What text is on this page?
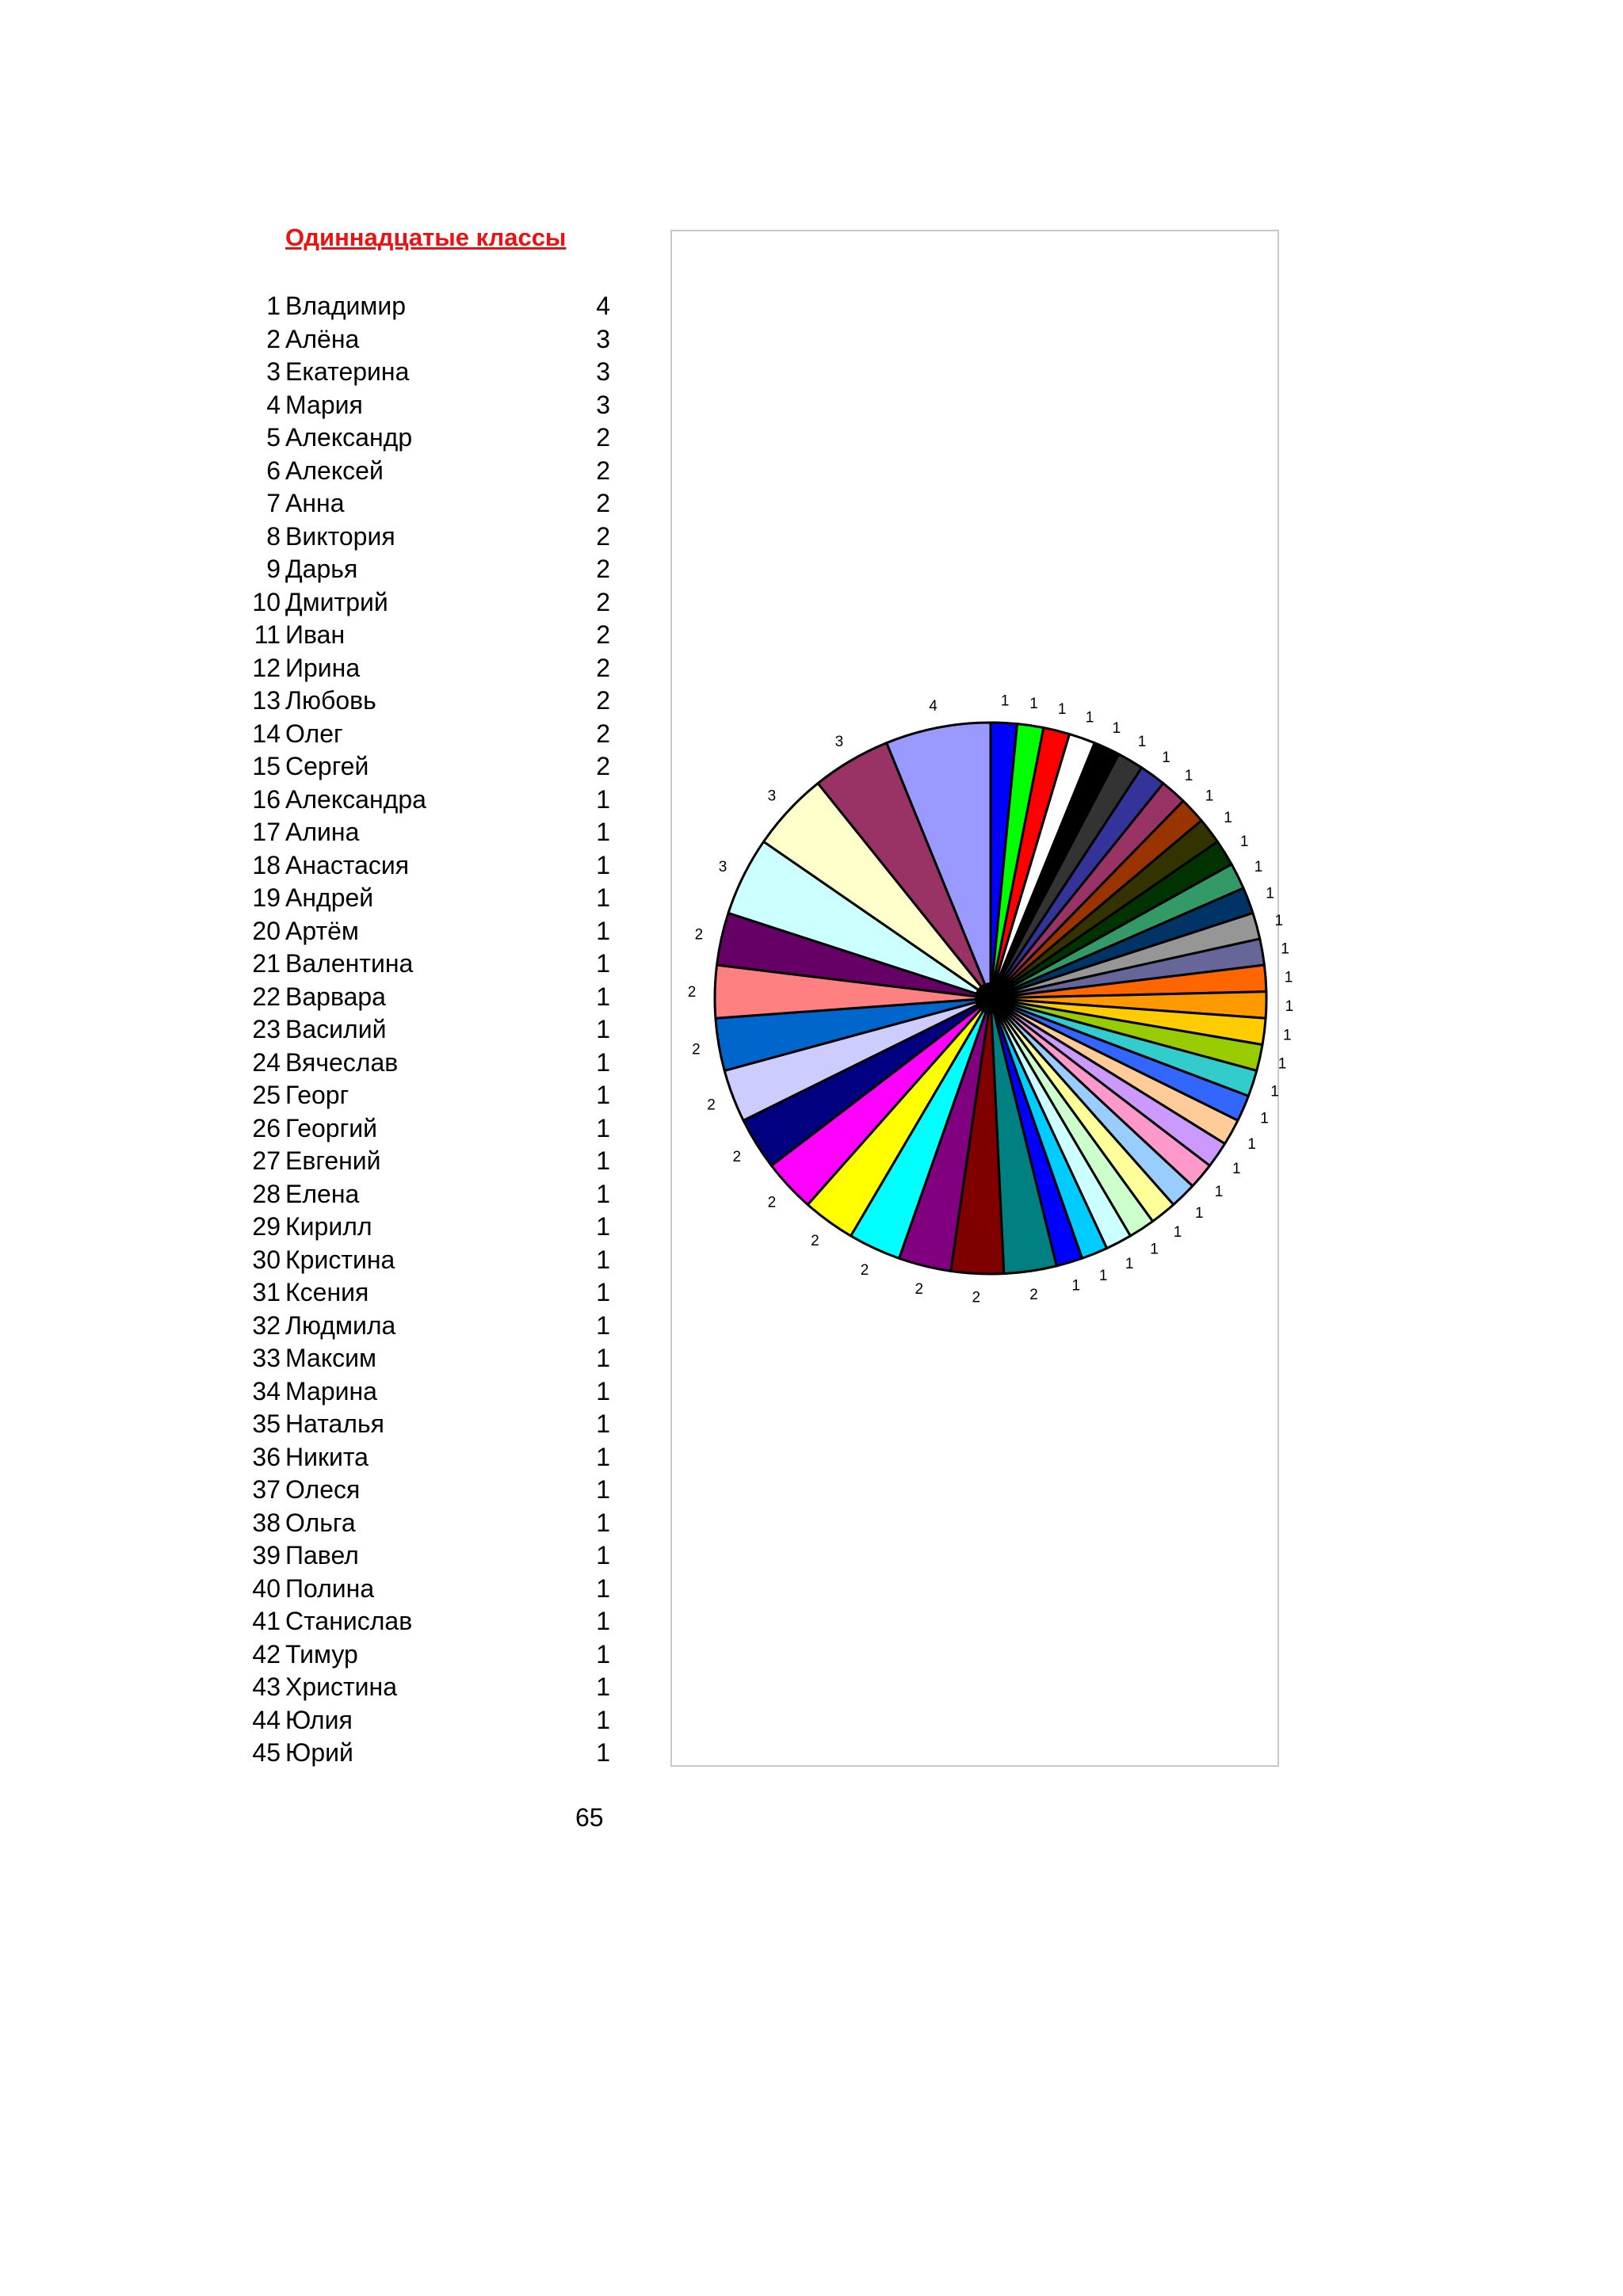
Одиннадцатые классы
1 Владимир	4
2 Алёна	3
3 Екатерина	3
4 Мария	3
5 Александр	2
6 Алексей	2
7 Анна	2
8 Виктория	2
9 Дарья	2
10 Дмитрий	2
11 Иван	2
12 Ирина	2
13 Любовь	2
14 Олег	2
15 Сергей	2
16 Александра	1
17 Алина	1
18 Анастасия	1
19 Андрей	1
20 Артём	1
21 Валентина	1
22 Варвара	1
23 Василий	1
24 Вячеслав	1
25 Георг	1
26 Георгий	1
27 Евгений	1
28 Елена	1
29 Кирилл	1
30 Кристина	1
31 Ксения	1
32 Людмила	1
33 Максим	1
34 Марина	1
35 Наталья	1
36 Никита	1
37 Олеся	1
38 Ольга	1
39 Павел	1
40 Полина	1
41 Станислав	1
42 Тимур	1
43 Христина	1
44 Юлия	1
45 Юрий	1
1 1 1 1
1
1
1
1
1
1
1
1
1
1
1
1
1
1
1
1
1
1
1
1
1
1
1
1
1
1
2
2
2
2
2
2
2
2
2
2
2
3
3
3
4
65
